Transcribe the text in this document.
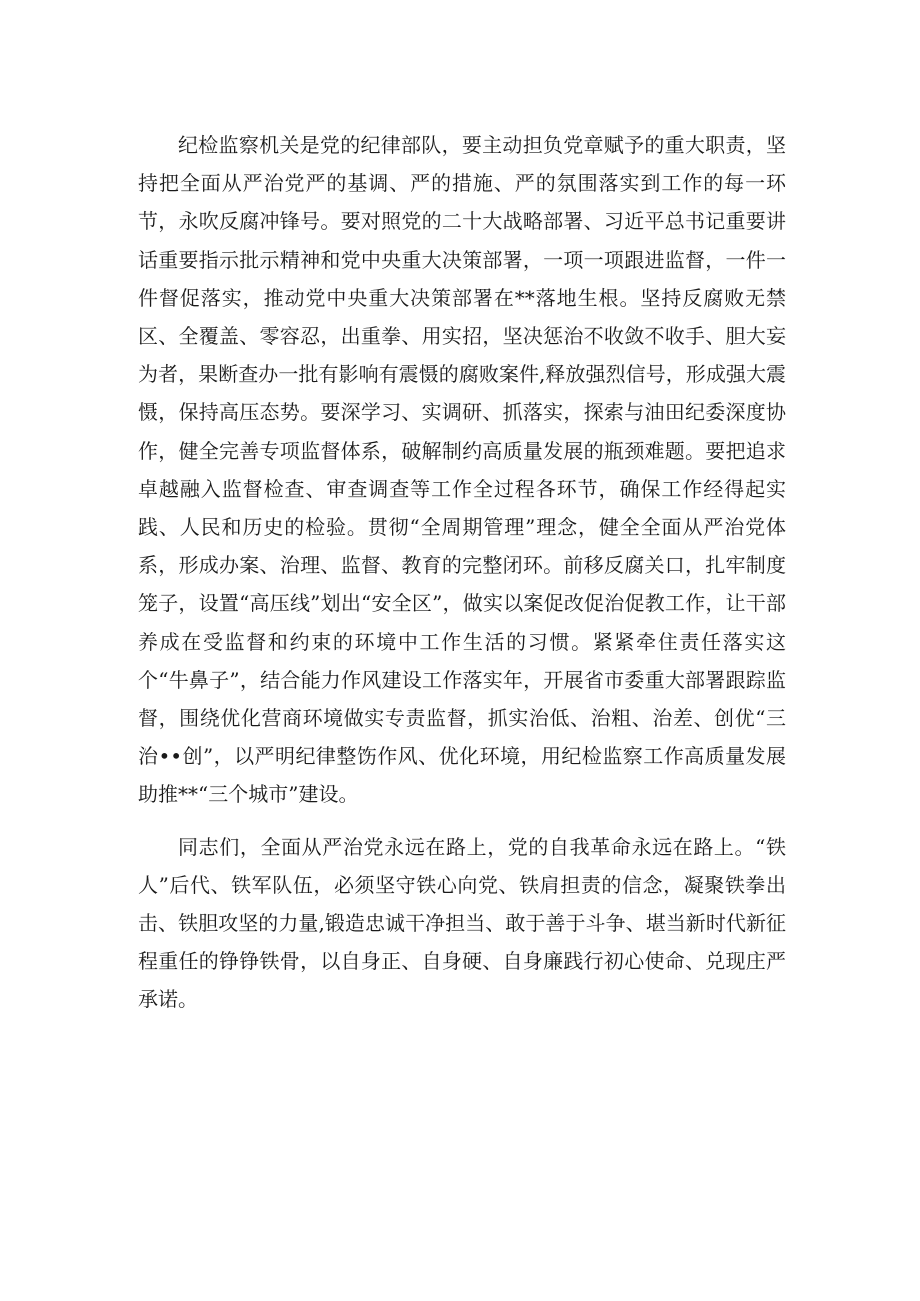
纪检监察机关是党的纪律部队，要主动担负党章赋予的重大职责，坚持把全面从严治党严的基调、严的措施、严的氛围落实到工作的每一环节，永吹反腐冲锋号。要对照党的二十大战略部署、习近平总书记重要讲话重要指示批示精神和党中央重大决策部署，一项一项跟进监督，一件一件督促落实，推动党中央重大决策部署在**落地生根。坚持反腐败无禁区、全覆盖、零容忍，出重拳、用实招，坚决惩治不收敛不收手、胆大妄为者，果断查办一批有影响有震慑的腐败案件,释放强烈信号，形成强大震慑，保持高压态势。要深学习、实调研、抓落实，探索与油田纪委深度协作，健全完善专项监督体系，破解制约高质量发展的瓶颈难题。要把追求卓越融入监督检查、审查调查等工作全过程各环节，确保工作经得起实践、人民和历史的检验。贯彻“全周期管理”理念，健全全面从严治党体系，形成办案、治理、监督、教育的完整闭环。前移反腐关口，扎牢制度笼子，设置“高压线”划出“安全区”，做实以案促改促治促教工作，让干部养成在受监督和约束的环境中工作生活的习惯。紧紧牵住责任落实这个“牛鼻子”，结合能力作风建设工作落实年，开展省市委重大部署跟踪监督，围绕优化营商环境做实专责监督，抓实治低、治粗、治差、创优“三治••创”，以严明纪律整饬作风、优化环境，用纪检监察工作高质量发展助推**“三个城市”建设。

同志们，全面从严治党永远在路上，党的自我革命永远在路上。“铁人”后代、铁军队伍，必须坚守铁心向党、铁肩担责的信念，凝聚铁拳出击、铁胆攻坚的力量,锻造忠诚干净担当、敢于善于斗争、堪当新时代新征程重任的铮铮铁骨，以自身正、自身硬、自身廉践行初心使命、兑现庄严承诺。
